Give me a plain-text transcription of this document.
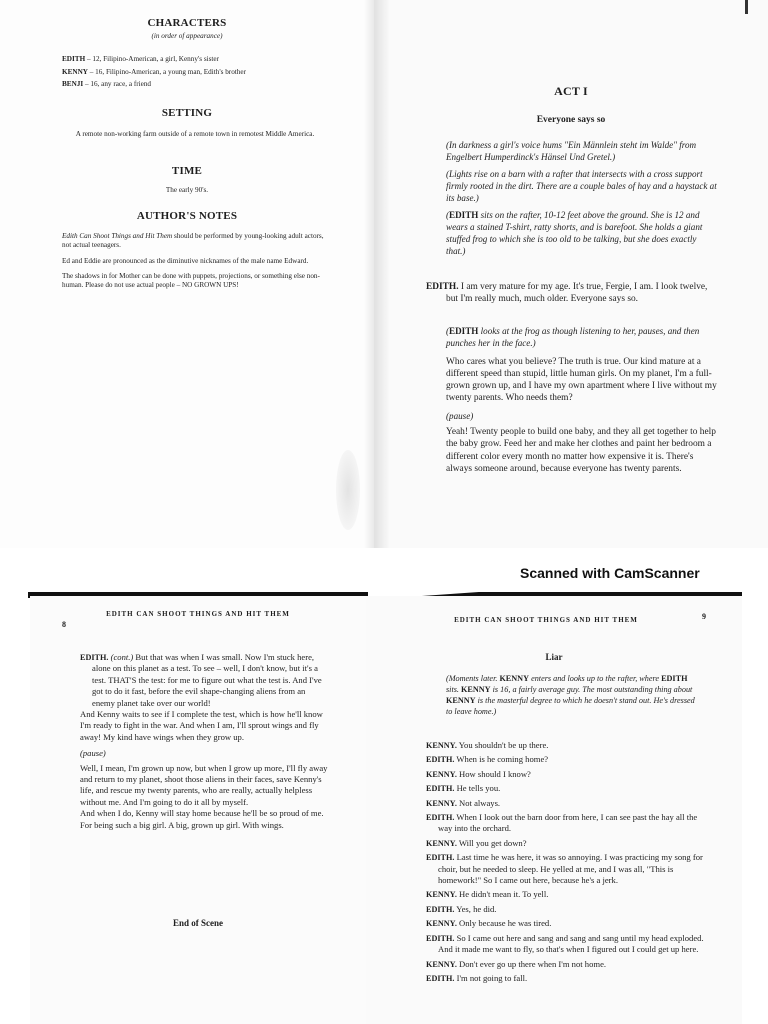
CHARACTERS
(in order of appearance)

EDITH – 12, Filipino-American, a girl, Kenny's sister

KENNY – 16, Filipino-American, a young man, Edith's brother

BENJI – 16, any race, a friend

SETTING
A remote non-working farm outside of a remote town in remotest Middle America.
TIME
The early 90's.
AUTHOR'S NOTES

Edith Can Shoot Things and Hit Them should be performed by young-looking adult actors, not actual teenagers.

Ed and Eddie are pronounced as the diminutive nicknames of the male name Edward.

The shadows in for Mother can be done with puppets, projections, or something else non-human. Please do not use actual people – NO GROWN UPS!

ACT I
Everyone says so

(In darkness a girl's voice hums "Ein Männlein steht im Walde" from Engelbert Humperdinck's Hänsel Und Gretel.)

(Lights rise on a barn with a rafter that intersects with a cross support firmly rooted in the dirt. There are a couple bales of hay and a haystack at its base.)

(EDITH sits on the rafter, 10-12 feet above the ground. She is 12 and wears a stained T-shirt, ratty shorts, and is barefoot. She holds a giant stuffed frog to which she is too old to be talking, but she does exactly that.)

EDITH. I am very mature for my age. It's true, Fergie, I am. I look twelve, but I'm really much, much older. Everyone says so.

(EDITH looks at the frog as though listening to her, pauses, and then punches her in the face.)

Who cares what you believe? The truth is true. Our kind mature at a different speed than stupid, little human girls. On my planet, I'm a full-grown grown up, and I have my own apartment where I live without my twenty parents. Who needs them?

(pause)

Yeah! Twenty people to build one baby, and they all get together to help the baby grow. Feed her and make her clothes and paint her bedroom a different color every month no matter how expensive it is. There's always someone around, because everyone has twenty parents.

Scanned with CamScanner
8
EDITH CAN SHOOT THINGS AND HIT THEM

EDITH. (cont.) But that was when I was small. Now I'm stuck here, alone on this planet as a test. To see – well, I don't know, but it's a test. THAT'S the test: for me to figure out what the test is. And I've got to do it fast, before the evil shape-changing aliens from an enemy planet take over our world!

And Kenny waits to see if I complete the test, which is how he'll know I'm ready to fight in the war. And when I am, I'll sprout wings and fly away! My kind have wings when they grow up.

(pause)

Well, I mean, I'm grown up now, but when I grow up more, I'll fly away and return to my planet, shoot those aliens in their faces, save Kenny's life, and rescue my twenty parents, who are really, actually helpless without me. And I'm going to do it all by myself.

And when I do, Kenny will stay home because he'll be so proud of me. For being such a big girl. A big, grown up girl. With wings.

End of Scene
EDITH CAN SHOOT THINGS AND HIT THEM	9
Liar
(Moments later. KENNY enters and looks up to the rafter, where EDITH sits. KENNY is 16, a fairly average guy. The most outstanding thing about KENNY is the masterful degree to which he doesn't stand out. He's dressed to leave home.)

KENNY. You shouldn't be up there.

EDITH. When is he coming home?

KENNY. How should I know?

EDITH. He tells you.

KENNY. Not always.

EDITH. When I look out the barn door from here, I can see past the hay all the way into the orchard.

KENNY. Will you get down?

EDITH. Last time he was here, it was so annoying. I was practicing my song for choir, but he needed to sleep. He yelled at me, and I was all, "This is homework!" So I came out here, because he's a jerk.

KENNY. He didn't mean it. To yell.

EDITH. Yes, he did.

KENNY. Only because he was tired.

EDITH. So I came out here and sang and sang and sang until my head exploded. And it made me want to fly, so that's when I figured out I could get up here.

KENNY. Don't ever go up there when I'm not home.

EDITH. I'm not going to fall.
